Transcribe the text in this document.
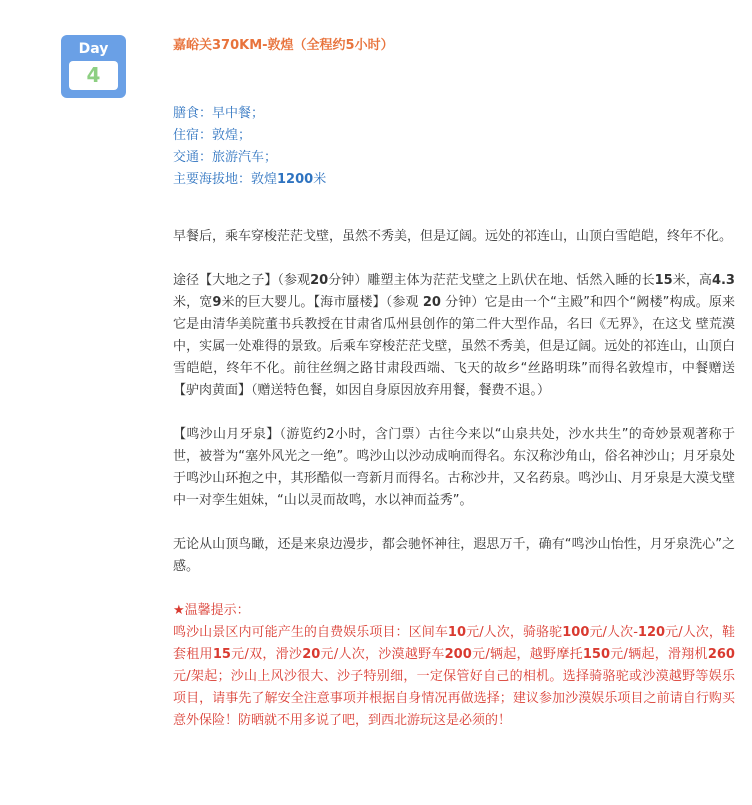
Day
4

嘉峪关370KM-敦煌（全程约5小时）

膳食：早中餐；
住宿：敦煌；
交通：旅游汽车；
主要海拔地：敦煌1200米

早餐后，乘车穿梭茫茫戈壁，虽然不秀美，但是辽阔。远处的祁连山，山顶白雪皑皑，终年不化。

途径【大地之子】（参观20分钟）雕塑主体为茫茫戈壁之上趴伏在地、恬然入睡的长15米，高4.3米，宽9米的巨大婴儿。【海市蜃楼】（参观 20 分钟）它是由一个“主殿”和四个“阙楼”构成。原来它是由清华美院董书兵教授在甘肃省瓜州县创作的第二件大型作品，名曰《无界》，在这戈 壁荒漠中，实属一处难得的景致。后乘车穿梭茫茫戈壁，虽然不秀美，但是辽阔。远处的祁连山，山顶白雪皑皑，终年不化。前往丝绸之路甘肃段西端、飞天的故乡“丝路明珠”而得名敦煌市，中餐赠送【驴肉黄面】（赠送特色餐，如因自身原因放弃用餐，餐费不退。）

【鸣沙山月牙泉】（游览约2小时，含门票）古往今来以“山泉共处，沙水共生”的奇妙景观著称于世，被誉为“塞外风光之一绝”。鸣沙山以沙动成响而得名。东汉称沙角山，俗名神沙山；月牙泉处于鸣沙山环抱之中，其形酷似一弯新月而得名。古称沙井，又名药泉。鸣沙山、月牙泉是大漠戈壁中一对孪生姐妹，“山以灵而故鸣，水以神而益秀”。

无论从山顶鸟瞰，还是来泉边漫步，都会驰怀神往，遐思万千，确有“鸣沙山怡性，月牙泉洗心”之感。

★温馨提示：
鸣沙山景区内可能产生的自费娱乐项目：区间车10元/人次，骑骆驼100元/人次-120元/人次，鞋套租用15元/双，滑沙20元/人次，沙漠越野车200元/辆起，越野摩托150元/辆起，滑翔机260元/架起；沙山上风沙很大、沙子特别细，一定保管好自己的相机。选择骑骆驼或沙漠越野等娱乐项目，请事先了解安全注意事项并根据自身情况再做选择；建议参加沙漠娱乐项目之前请自行购买意外保险！防晒就不用多说了吧，到西北游玩这是必须的！
